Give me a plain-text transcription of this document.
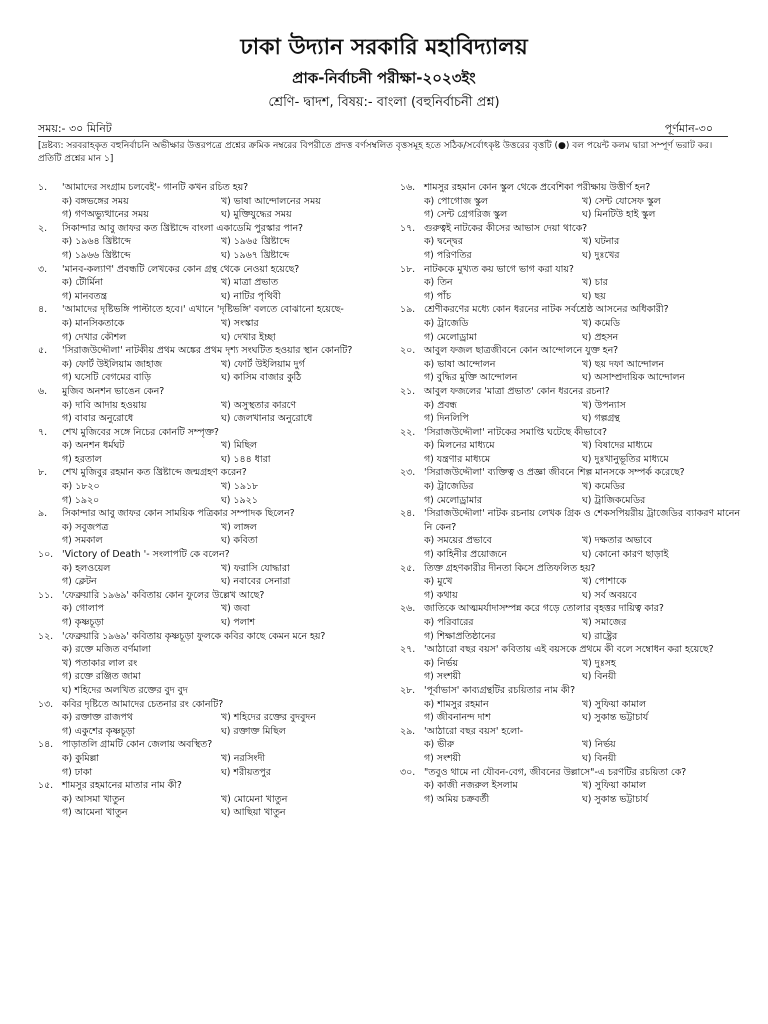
ঢাকা উদ্যান সরকারি মহাবিদ্যালয়
প্রাক-নির্বাচনী পরীক্ষা-২০২৩ইং
শ্রেণি- দ্বাদশ, বিষয়:- বাংলা (বহুনির্বাচনী প্রশ্ন)
সময়:- ৩০ মিনিট	পূর্ণমান-৩০
[দ্রষ্টব্য: সরবরাহকৃত বহুনির্বাচনি অভীক্ষার উত্তরপত্রে প্রশ্নের ক্রমিক নম্বরের বিপরীতে প্রদত্ত বর্ণসম্বলিত বৃত্তসমূহ হতে সঠিক/সর্বোৎকৃষ্ট উত্তরের বৃত্তটি (●) বল পয়েন্ট কলম দ্বারা সম্পূর্ণ ভরাট কর। প্রতিটি প্রশ্নের মান ১]
১.	'আমাদের সংগ্রাম চলবেই'- গানটি কখন রচিত হয়?
ক) বঙ্গভঙ্গের সময়	খ) ভাষা আন্দোলনের সময়
গ) গণঅভ্যুত্থানের সময়	ঘ) মুক্তিযুদ্ধের সময়
২.	সিকান্দার আবু জাফর কত খ্রিষ্টাব্দে বাংলা একাডেমি পুরস্কার পান?
ক) ১৯৬৪ খ্রিষ্টাব্দে	খ) ১৯৬৫ খ্রিষ্টাব্দে
গ) ১৯৬৬ খ্রিষ্টাব্দে	ঘ) ১৯৬৭ খ্রিষ্টাব্দে
৩.	'মানব-কল্যাণ' প্রবন্ধটি লেখকের কোন গ্রন্থ থেকে নেওয়া হয়েছে?
ক) টৌর্মিনা	খ) মাত্রা প্রভাত
গ) মানবতন্ত্র	ঘ) নাটির পৃথিবী
৪.	'আমাদের দৃষ্টিভঙ্গি পাল্টাতে হবে।' এখানে 'দৃষ্টিভঙ্গি' বলতে বোঝানো হয়েছে-
ক) মানসিকতাকে	খ) সংস্কার
গ) দেখার কৌশল	ঘ) দেখার ইচ্ছা
৫.	'সিরাজউদ্দৌলা' নাটকীয় প্রথম অঙ্কের প্রথম দৃশ্য সংঘটিত হওয়ার স্থান কোনটি?
ক) ফোর্ট উইলিয়াম জাহাজ	খ) ফোর্ট উইলিয়াম দুর্গ
গ) ঘসেটি বেগমের বাড়ি	ঘ) কাসিম বাজার কুঠি
৬.	মুজিব অনশন ভাঙেন কেন?
ক) দাবি আদায় হওয়ায়	খ) অসুস্থতার কারণে
গ) বাবার অনুরোধে	ঘ) জেলখানার অনুরোধে
৭.	শেখ মুজিবের সঙ্গে নিচের কোনটি সম্পৃক্ত?
ক) অনশন ধর্মঘট	খ) মিছিল
গ) হরতাল	ঘ) ১৪৪ ধারা
৮.	শেখ মুজিবুর রহমান কত খ্রিষ্টাব্দে জন্মগ্রহণ করেন?
ক) ১৮২০	খ) ১৯১৮
গ) ১৯২০	ঘ) ১৯২১
৯.	সিকান্দার আবু জাফর কোন সাময়িক পত্রিকার সম্পাদক ছিলেন?
ক) সবুজপত্র	খ) লাঙ্গল
গ) সমকাল	ঘ) কবিতা
১০. 'Victory of Death '- সংলাপটি কে বলেন?
ক) হলওয়েল	খ) ফরাসি যোদ্ধারা
গ) ক্লেটন	ঘ) নবাবের সেনারা
১১. 'ফেব্রুয়ারি ১৯৬৯' কবিতায় কোন ফুলের উল্লেখ আছে?
ক) গোলাপ	খ) জবা
গ) কৃষ্ণচূড়া	ঘ) পলাশ
১২. 'ফেব্রুয়ারি ১৯৬৯' কবিতায় কৃষ্ণচূড়া ফুলকে কবির কাছে কেমন মনে হয়?
ক) রক্তে মজিত বর্ণমালা
খ) পতাকার লাল রং
গ) রক্তে রঞ্জিত জামা
ঘ) শহিদের অলখিত রক্তের বুদ বুদ
১৩. কবির দৃষ্টিতে আমাদের চেতনার রং কোনটি?
ক) রক্তাক্ত রাজপথ	খ) শহিদের রক্তের বুদবুদন
গ) একুশের কৃষ্ণচূড়া	ঘ) রক্তাক্ত মিছিল
১৪. পাড়াতলি গ্রামটি কোন জেলায় অবস্থিত?
ক) কুমিল্লা	খ) নরসিংদী
গ) ঢাকা	ঘ) শরীয়তপুর
১৫. শামসুর রহমানের মাতার নাম কী?
ক) আসমা খাতুন	খ) মোমেনা খাতুন
গ) আমেনা খাতুন	ঘ) আছিয়া খাতুন
১৬. শামসুর রহমান কোন স্কুল থেকে প্রবেশিকা পরীক্ষায় উত্তীর্ণ হন?
ক) পোগোজ স্কুল	খ) সেন্ট যোসেফ স্কুল
গ) সেন্ট গ্রেগরিজ স্কুল	ঘ) মিনটিউ হাই স্কুল
১৭. গুরুত্বই নাটকের কীসের আভাস দেয়া থাকে?
ক) দ্বন্দ্বের	খ) ঘটনার
গ) পরিণতির	ঘ) দুঃখের
১৮. নাটককে মুখ্যত কয় ভাগে ভাগ করা যায়?
ক) তিন	খ) চার
গ) পাঁচ	ঘ) ছয়
১৯. শ্রেণীকরণের মধ্যে কোন ধরনের নাটক সর্বশ্রেষ্ঠ আসনের অধিকারী?
ক) ট্রাজেডি	খ) কমেডি
গ) মেলোড্রামা	ঘ) প্রহসন
২০. আবুল ফজল ছাত্রজীবনে কোন আন্দোলনে যুক্ত হন?
ক) ভাষা আন্দোলন	খ) ছয় দফা আন্দোলন
গ) বুদ্ধির মুক্তি আন্দোলন	ঘ) অসাম্প্রদায়িক আন্দোলন
২১. আবুল ফজলের 'মাত্রা প্রভাত' কোন ধরনের রচনা?
ক) প্রবন্ধ	খ) উপন্যাস
গ) দিনলিপি	ঘ) গল্পগ্রন্থ
২২. 'সিরাজউদ্দৌলা' নাটকের সমাপ্তি ঘটেছে কীভাবে?
ক) মিলনের মাধ্যমে	খ) বিষাদের মাধ্যমে
গ) যন্ত্রণার মাধ্যমে	ঘ) দুঃখানুভূতির মাধ্যমে
২৩. 'সিরাজউদ্দৌলা' ব্যক্তিত্ব ও প্রজ্ঞা জীবনে শিল্প মানসকে সম্পর্ক করেছে?
ক) ট্রাজেডির	খ) কমেডির
গ) মেলোড্রামার	ঘ) ট্রাজিকমেডির
২৪. 'সিরাজউদ্দৌলা' নাটক রচনায় লেখক গ্রিক ও শেকসপিয়রীয় ট্রাজেডির ব্যাকরণ মানেন নি কেন?
ক) সময়ের প্রভাবে	খ) দক্ষতার অভাবে
গ) কাহিনীর প্রয়োজনে	ঘ) কোনো কারণ ছাড়াই
২৫. তিক্ত গ্রহণকারীর দীনতা কিসে প্রতিফলিত হয়?
ক) মুখে	খ) পোশাকে
গ) কথায়	ঘ) সর্ব অবয়বে
২৬. জাতিকে আত্মমর্যাদাসম্পন্ন করে গড়ে তোলার বৃহত্তর দায়িত্ব কার?
ক) পরিবারের	খ) সমাজের
গ) শিক্ষাপ্রতিষ্ঠানের	ঘ) রাষ্ট্রের
২৭. 'আঠারো বছর বয়স' কবিতায় এই বয়সকে প্রথমে কী বলে সম্বোধন করা হয়েছে?
ক) নির্ভয়	খ) দুঃসহ
গ) সংশয়ী	ঘ) বিনয়ী
২৮. 'পূর্বাভাস' কাব্যগ্রন্থটির রচয়িতার নাম কী?
ক) শামসুর রহমান	খ) সুফিয়া কামাল
গ) জীবনানন্দ দাশ	ঘ) সুকান্ত ভট্টাচার্য
২৯. 'আঠারো বছর বয়স' হলো-
ক) ভীরু	খ) নির্ভয়
গ) সংশয়ী	ঘ) বিনয়ী
৩০. "তবুও থামে না যৌবন-বেগ, জীবনের উল্লাসে"-এ চরণটির রচয়িতা কে?
ক) কাজী নজরুল ইসলাম	খ) সুফিয়া কামাল
গ) অমিয় চক্রবর্তী	ঘ) সুকান্ত ভট্টাচার্য
